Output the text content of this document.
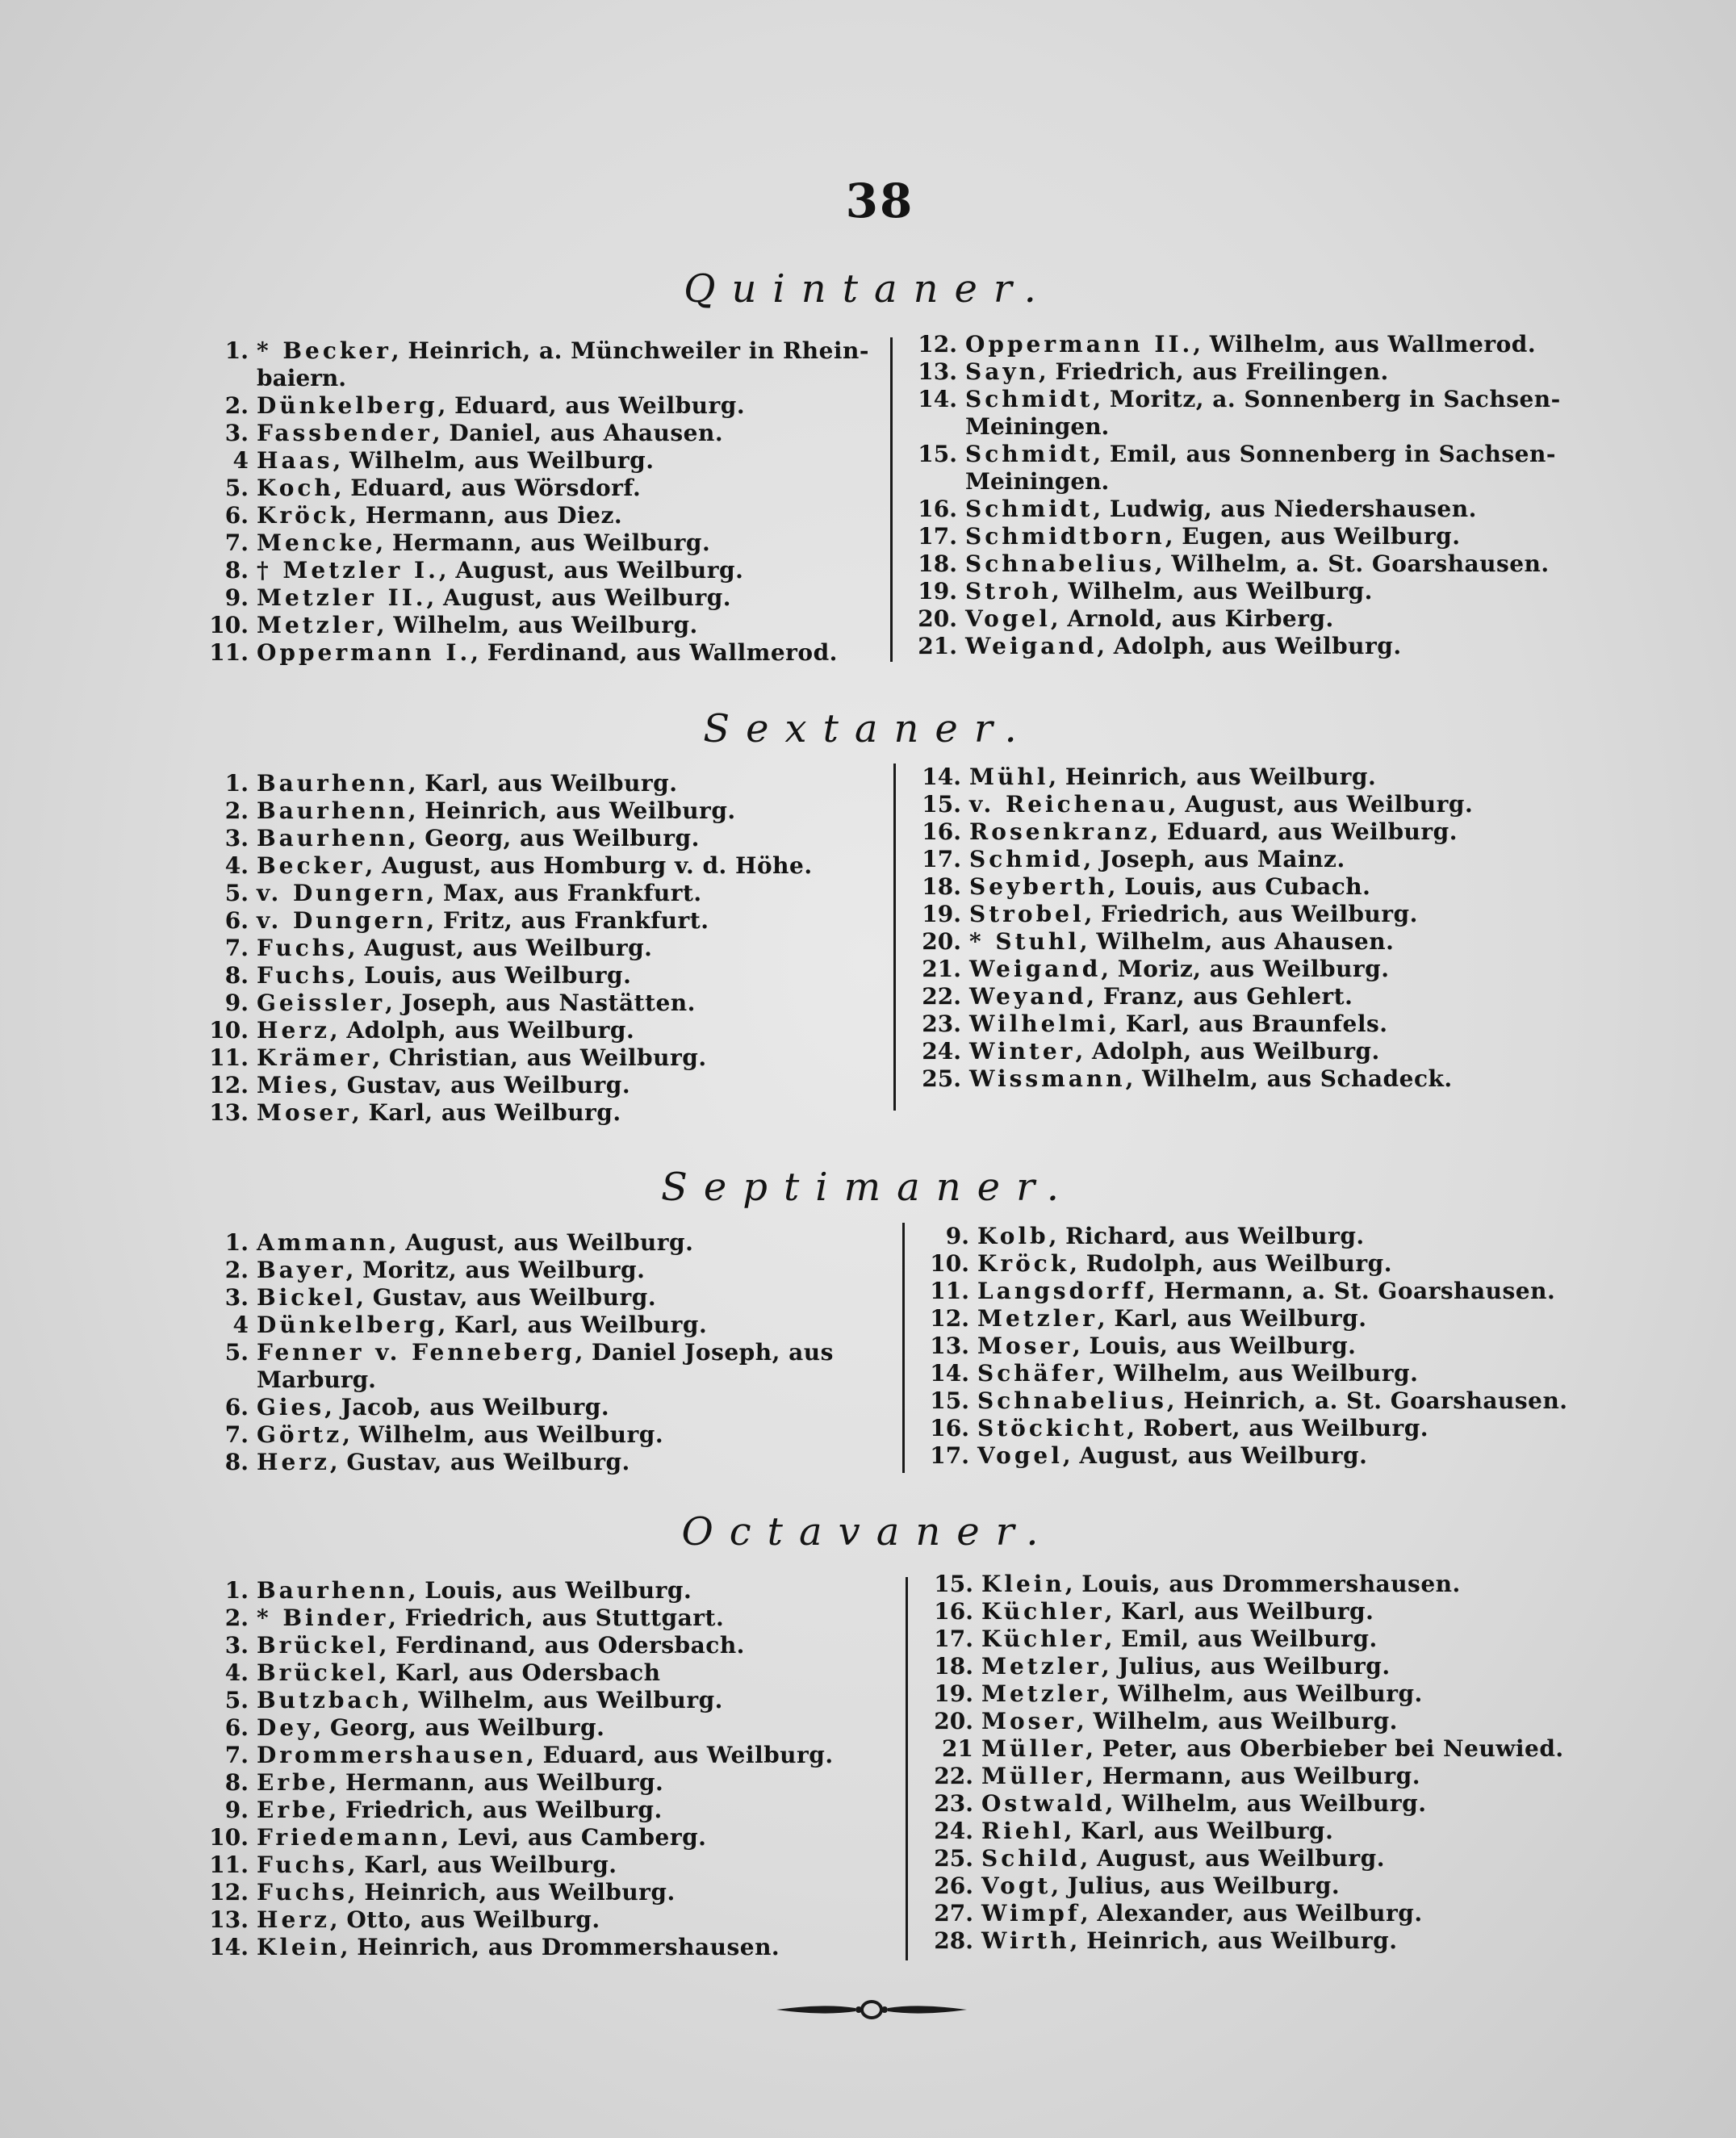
38
Quintaner.
1. * Becker, Heinrich, a. Münchweiler in Rhein-
baiern.
2. Dünkelberg, Eduard, aus Weilburg.
3. Fassbender, Daniel, aus Ahausen.
4 Haas, Wilhelm, aus Weilburg.
5. Koch, Eduard, aus Wörsdorf.
6. Kröck, Hermann, aus Diez.
7. Mencke, Hermann, aus Weilburg.
8. † Metzler I., August, aus Weilburg.
9. Metzler II., August, aus Weilburg.
10. Metzler, Wilhelm, aus Weilburg.
11. Oppermann I., Ferdinand, aus Wallmerod.
12. Oppermann II., Wilhelm, aus Wallmerod.
13. Sayn, Friedrich, aus Freilingen.
14. Schmidt, Moritz, a. Sonnenberg in Sachsen-
Meiningen.
15. Schmidt, Emil, aus Sonnenberg in Sachsen-
Meiningen.
16. Schmidt, Ludwig, aus Niedershausen.
17. Schmidtborn, Eugen, aus Weilburg.
18. Schnabelius, Wilhelm, a. St. Goarshausen.
19. Stroh, Wilhelm, aus Weilburg.
20. Vogel, Arnold, aus Kirberg.
21. Weigand, Adolph, aus Weilburg.
Sextaner.
1. Baurhenn, Karl, aus Weilburg.
2. Baurhenn, Heinrich, aus Weilburg.
3. Baurhenn, Georg, aus Weilburg.
4. Becker, August, aus Homburg v. d. Höhe.
5. v. Dungern, Max, aus Frankfurt.
6. v. Dungern, Fritz, aus Frankfurt.
7. Fuchs, August, aus Weilburg.
8. Fuchs, Louis, aus Weilburg.
9. Geissler, Joseph, aus Nastätten.
10. Herz, Adolph, aus Weilburg.
11. Krämer, Christian, aus Weilburg.
12. Mies, Gustav, aus Weilburg.
13. Moser, Karl, aus Weilburg.
14. Mühl, Heinrich, aus Weilburg.
15. v. Reichenau, August, aus Weilburg.
16. Rosenkranz, Eduard, aus Weilburg.
17. Schmid, Joseph, aus Mainz.
18. Seyberth, Louis, aus Cubach.
19. Strobel, Friedrich, aus Weilburg.
20. * Stuhl, Wilhelm, aus Ahausen.
21. Weigand, Moriz, aus Weilburg.
22. Weyand, Franz, aus Gehlert.
23. Wilhelmi, Karl, aus Braunfels.
24. Winter, Adolph, aus Weilburg.
25. Wissmann, Wilhelm, aus Schadeck.
Septimaner.
1. Ammann, August, aus Weilburg.
2. Bayer, Moritz, aus Weilburg.
3. Bickel, Gustav, aus Weilburg.
4 Dünkelberg, Karl, aus Weilburg.
5. Fenner v. Fenneberg, Daniel Joseph, aus
Marburg.
6. Gies, Jacob, aus Weilburg.
7. Görtz, Wilhelm, aus Weilburg.
8. Herz, Gustav, aus Weilburg.
9. Kolb, Richard, aus Weilburg.
10. Kröck, Rudolph, aus Weilburg.
11. Langsdorff, Hermann, a. St. Goarshausen.
12. Metzler, Karl, aus Weilburg.
13. Moser, Louis, aus Weilburg.
14. Schäfer, Wilhelm, aus Weilburg.
15. Schnabelius, Heinrich, a. St. Goarshausen.
16. Stöckicht, Robert, aus Weilburg.
17. Vogel, August, aus Weilburg.
Octavaner.
1. Baurhenn, Louis, aus Weilburg.
2. * Binder, Friedrich, aus Stuttgart.
3. Brückel, Ferdinand, aus Odersbach.
4. Brückel, Karl, aus Odersbach
5. Butzbach, Wilhelm, aus Weilburg.
6. Dey, Georg, aus Weilburg.
7. Drommershausen, Eduard, aus Weilburg.
8. Erbe, Hermann, aus Weilburg.
9. Erbe, Friedrich, aus Weilburg.
10. Friedemann, Levi, aus Camberg.
11. Fuchs, Karl, aus Weilburg.
12. Fuchs, Heinrich, aus Weilburg.
13. Herz, Otto, aus Weilburg.
14. Klein, Heinrich, aus Drommershausen.
15. Klein, Louis, aus Drommershausen.
16. Küchler, Karl, aus Weilburg.
17. Küchler, Emil, aus Weilburg.
18. Metzler, Julius, aus Weilburg.
19. Metzler, Wilhelm, aus Weilburg.
20. Moser, Wilhelm, aus Weilburg.
21 Müller, Peter, aus Oberbieber bei Neuwied.
22. Müller, Hermann, aus Weilburg.
23. Ostwald, Wilhelm, aus Weilburg.
24. Riehl, Karl, aus Weilburg.
25. Schild, August, aus Weilburg.
26. Vogt, Julius, aus Weilburg.
27. Wimpf, Alexander, aus Weilburg.
28. Wirth, Heinrich, aus Weilburg.
